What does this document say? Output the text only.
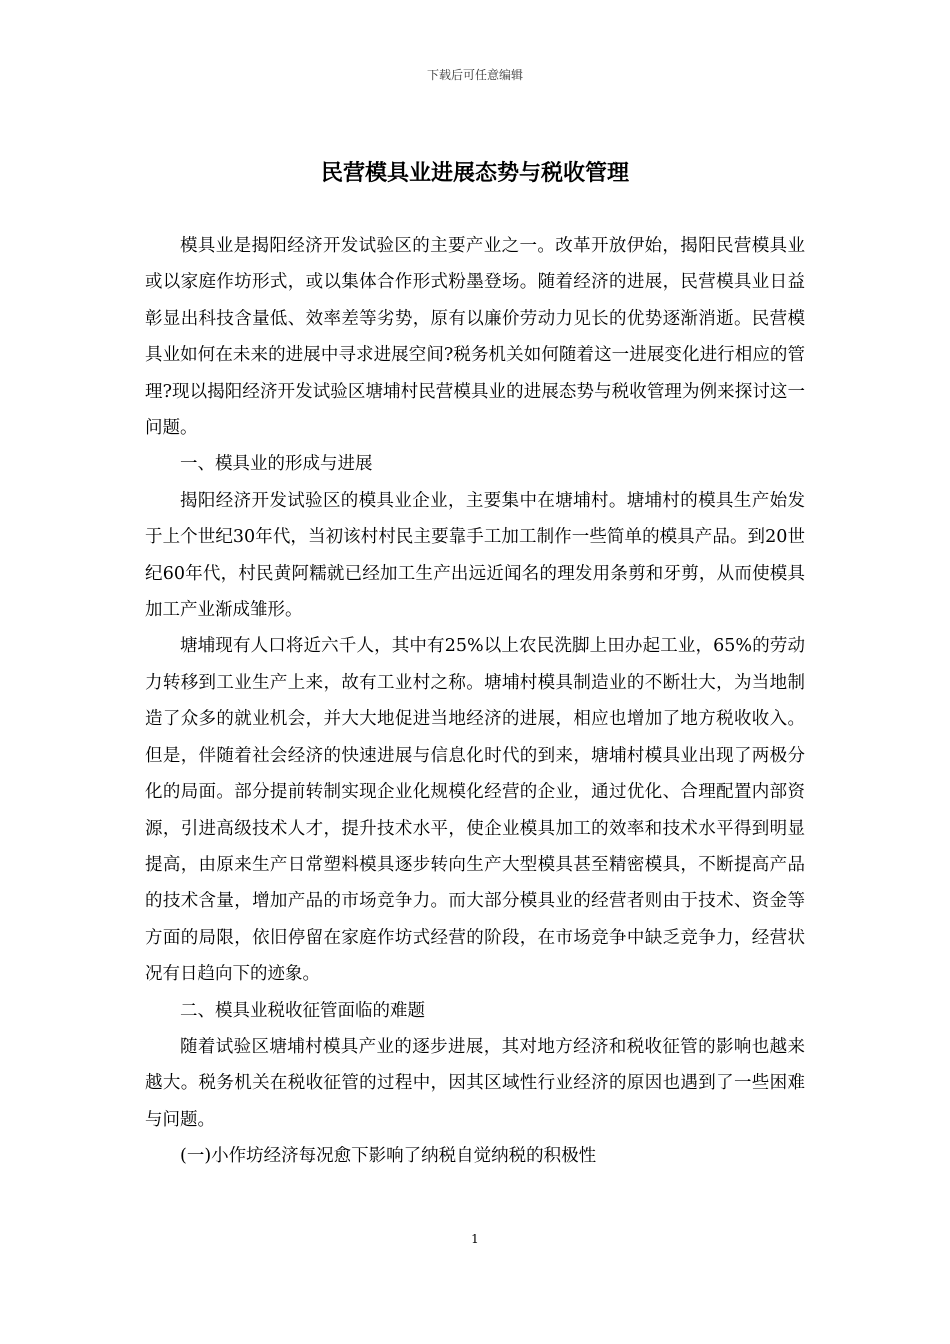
下载后可任意编辑
民营模具业进展态势与税收管理

模具业是揭阳经济开发试验区的主要产业之一。改革开放伊始，揭阳民营模具业或以家庭作坊形式，或以集体合作形式粉墨登场。随着经济的进展，民营模具业日益彰显出科技含量低、效率差等劣势，原有以廉价劳动力见长的优势逐渐消逝。民营模具业如何在未来的进展中寻求进展空间?税务机关如何随着这一进展变化进行相应的管理?现以揭阳经济开发试验区塘埔村民营模具业的进展态势与税收管理为例来探讨这一问题。

一、模具业的形成与进展

揭阳经济开发试验区的模具业企业，主要集中在塘埔村。塘埔村的模具生产始发于上个世纪30年代，当初该村村民主要靠手工加工制作一些简单的模具产品。到20世纪60年代，村民黄阿糯就已经加工生产出远近闻名的理发用条剪和牙剪，从而使模具加工产业渐成雏形。

塘埔现有人口将近六千人，其中有25%以上农民洗脚上田办起工业，65%的劳动力转移到工业生产上来，故有工业村之称。塘埔村模具制造业的不断壮大，为当地制造了众多的就业机会，并大大地促进当地经济的进展，相应也增加了地方税收收入。但是，伴随着社会经济的快速进展与信息化时代的到来，塘埔村模具业出现了两极分化的局面。部分提前转制实现企业化规模化经营的企业，通过优化、合理配置内部资源，引进高级技术人才，提升技术水平，使企业模具加工的效率和技术水平得到明显提高，由原来生产日常塑料模具逐步转向生产大型模具甚至精密模具，不断提高产品的技术含量，增加产品的市场竞争力。而大部分模具业的经营者则由于技术、资金等方面的局限，依旧停留在家庭作坊式经营的阶段，在市场竞争中缺乏竞争力，经营状况有日趋向下的迹象。

二、模具业税收征管面临的难题

随着试验区塘埔村模具产业的逐步进展，其对地方经济和税收征管的影响也越来越大。税务机关在税收征管的过程中，因其区域性行业经济的原因也遇到了一些困难与问题。

(一)小作坊经济每况愈下影响了纳税自觉纳税的积极性

1
